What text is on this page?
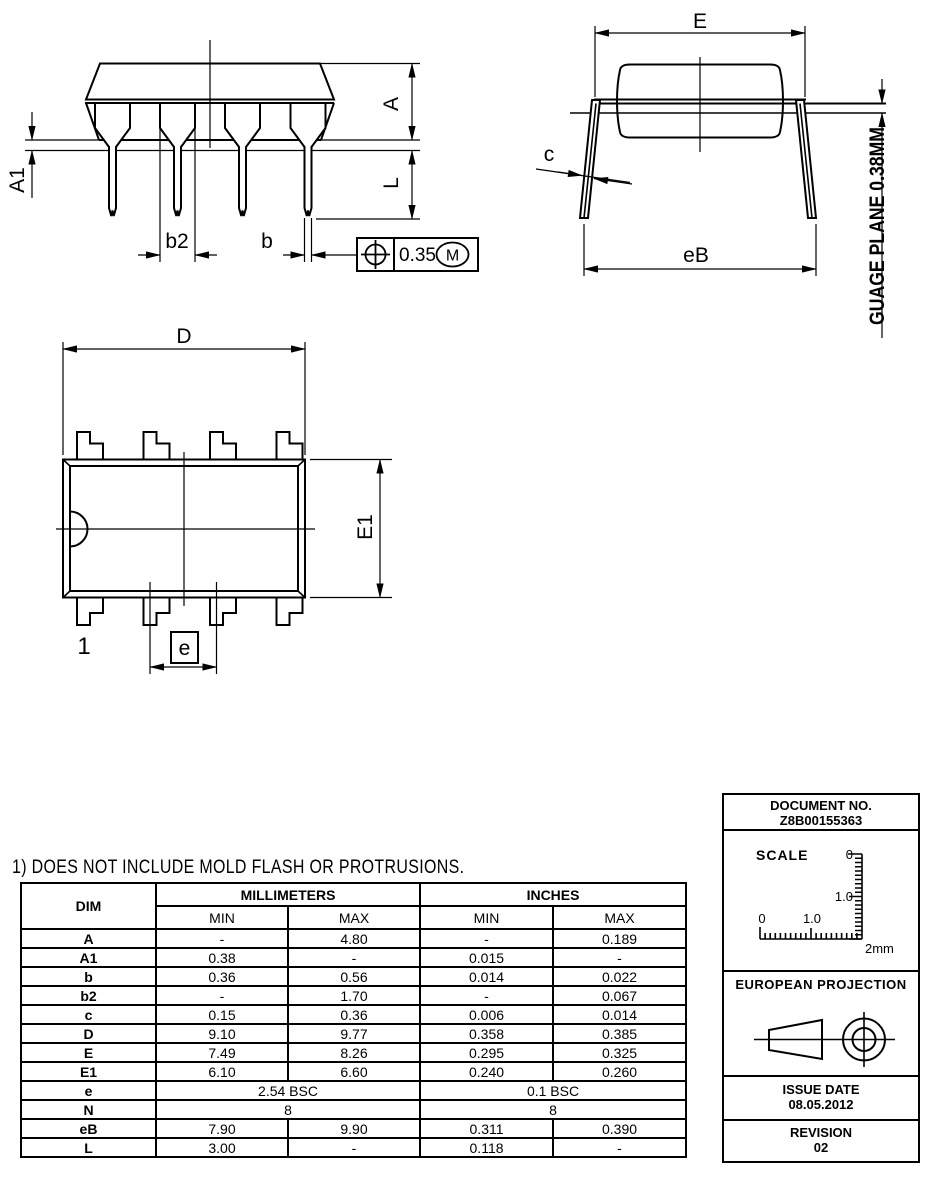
A1
A
L
b2	b
0.35 M
E
eB
c	GUAGE PLANE 0.38MM
D
E1
e
1
1) DOES NOT INCLUDE MOLD FLASH OR PROTRUSIONS.
DIM	MILLIMETERS		INCHES	
	MIN	MAX	MIN	MAX
A	-	4.80	-	0.189
A1	0.38	-	0.015	-
b	0.36	0.56	0.014	0.022
b2	-	1.70	-	0.067
c	0.15	0.36	0.006	0.014
D	9.10	9.77	0.358	0.385
E	7.49	8.26	0.295	0.325
E1	6.10	6.60	0.240	0.260
e	2.54 BSC		0.1 BSC	
N	8		8	
eB	7.90	9.90	0.311	0.390
L	3.00	-	0.118	-
DOCUMENT NO.
Z8B00155363
SCALE	0
1.0
0	1.0
2mm
EUROPEAN PROJECTION
ISSUE DATE
08.05.2012
REVISION
02
